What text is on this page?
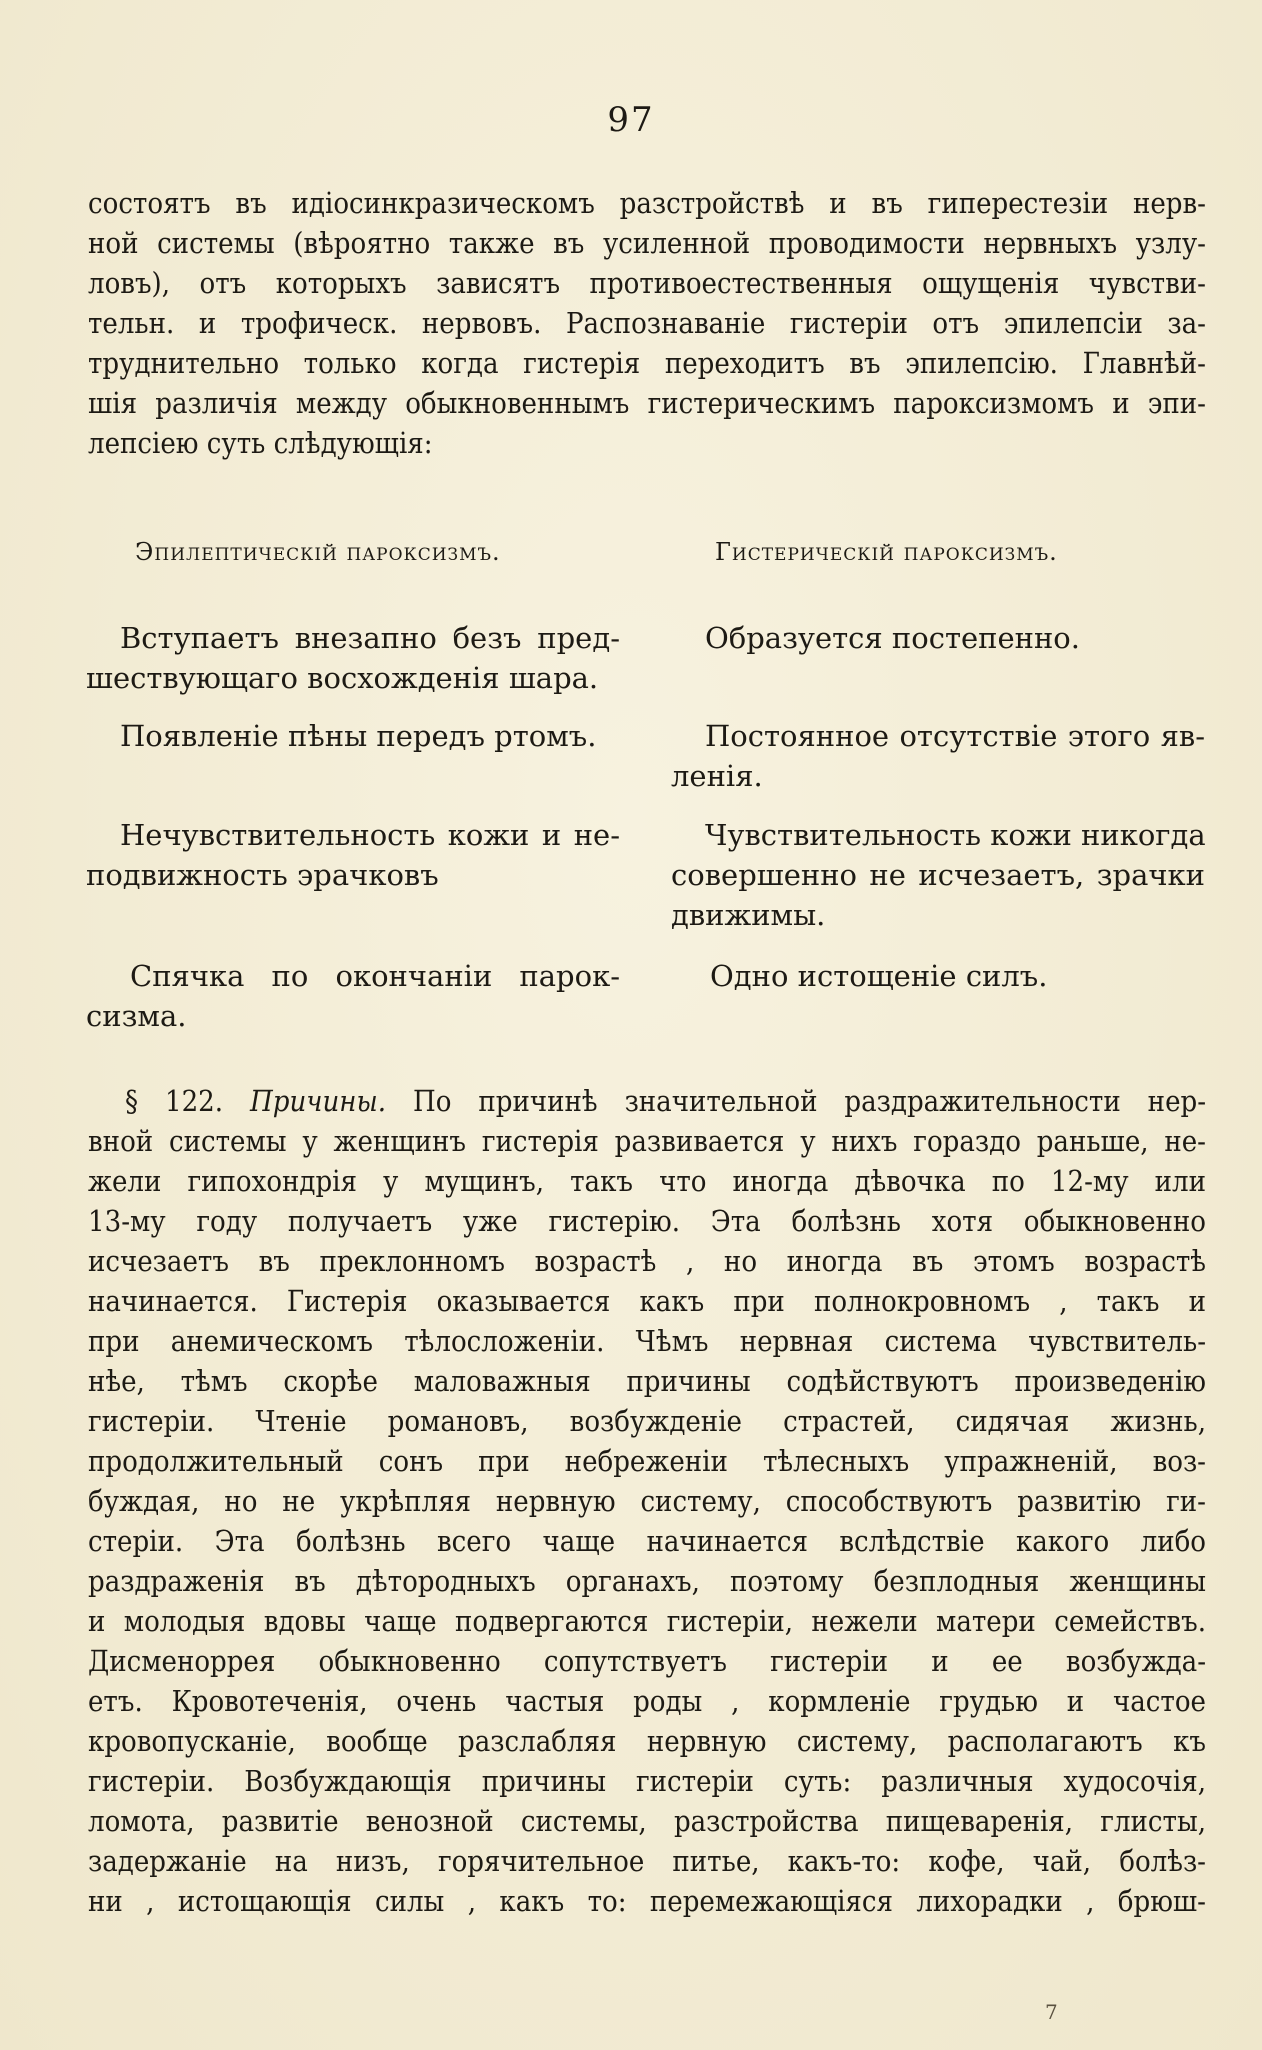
97
состоятъ въ идіосинкразическомъ разстройствѣ и въ гиперестезіи нерв-
ной системы (вѣроятно также въ усиленной проводимости нервныхъ узлу-
ловъ), отъ которыхъ зависятъ противоестественныя ощущенія чувстви-
тельн. и трофическ. нервовъ. Распознаваніе гистеріи отъ эпилепсіи за-
труднительно только когда гистерія переходитъ въ эпилепсію. Главнѣй-
шія различія между обыкновеннымъ гистерическимъ пароксизмомъ и эпи-
лепсіею суть слѣдующія:
Эпилептическій пароксизмъ.	Гистерическій пароксизмъ.
Вступаетъ внезапно безъ пред-
шествующаго восхожденія шара.
Образуется постепенно.
Появленіе пѣны передъ ртомъ.	Постоянное отсутствіе этого яв-
ленія.
Нечувствительность кожи и не-
подвижность эрачковъ
Чувствительность кожи никогда
совершенно не исчезаетъ, зрачки
движимы.
Спячка по окончаніи парок-
сизма.
Одно истощеніе силъ.
§ 122. Причины. По причинѣ значительной раздражительности нер-
вной системы у женщинъ гистерія развивается у нихъ гораздо раньше, не-
жели гипохондрія у мущинъ, такъ что иногда дѣвочка по 12-му или
13-му году получаетъ уже гистерію. Эта болѣзнь хотя обыкновенно
исчезаетъ въ преклонномъ возрастѣ , но иногда въ этомъ возрастѣ
начинается. Гистерія оказывается какъ при полнокровномъ , такъ и
при анемическомъ тѣлосложеніи. Чѣмъ нервная система чувствитель-
нѣе, тѣмъ скорѣе маловажныя причины содѣйствуютъ произведенію
гистеріи. Чтеніе романовъ, возбужденіе страстей, сидячая жизнь,
продолжительный сонъ при небреженіи тѣлесныхъ упражненій, воз-
буждая, но не укрѣпляя нервную систему, способствуютъ развитію ги-
стеріи. Эта болѣзнь всего чаще начинается вслѣдствіе какого либо
раздраженія въ дѣтородныхъ органахъ, поэтому безплодныя женщины
и молодыя вдовы чаще подвергаются гистеріи, нежели матери семействъ.
Дисменоррея обыкновенно сопутствуетъ гистеріи и ее возбужда-
етъ. Кровотеченія, очень частыя роды , кормленіе грудью и частое
кровопусканіе, вообще разслабляя нервную систему, располагаютъ къ
гистеріи. Возбуждающія причины гистеріи суть: различныя худосочія,
ломота, развитіе венозной системы, разстройства пищеваренія, глисты,
задержаніе на низъ, горячительное питье, какъ-то: кофе, чай, болѣз-
ни , истощающія силы , какъ то: перемежающіяся лихорадки , брюш-
7
